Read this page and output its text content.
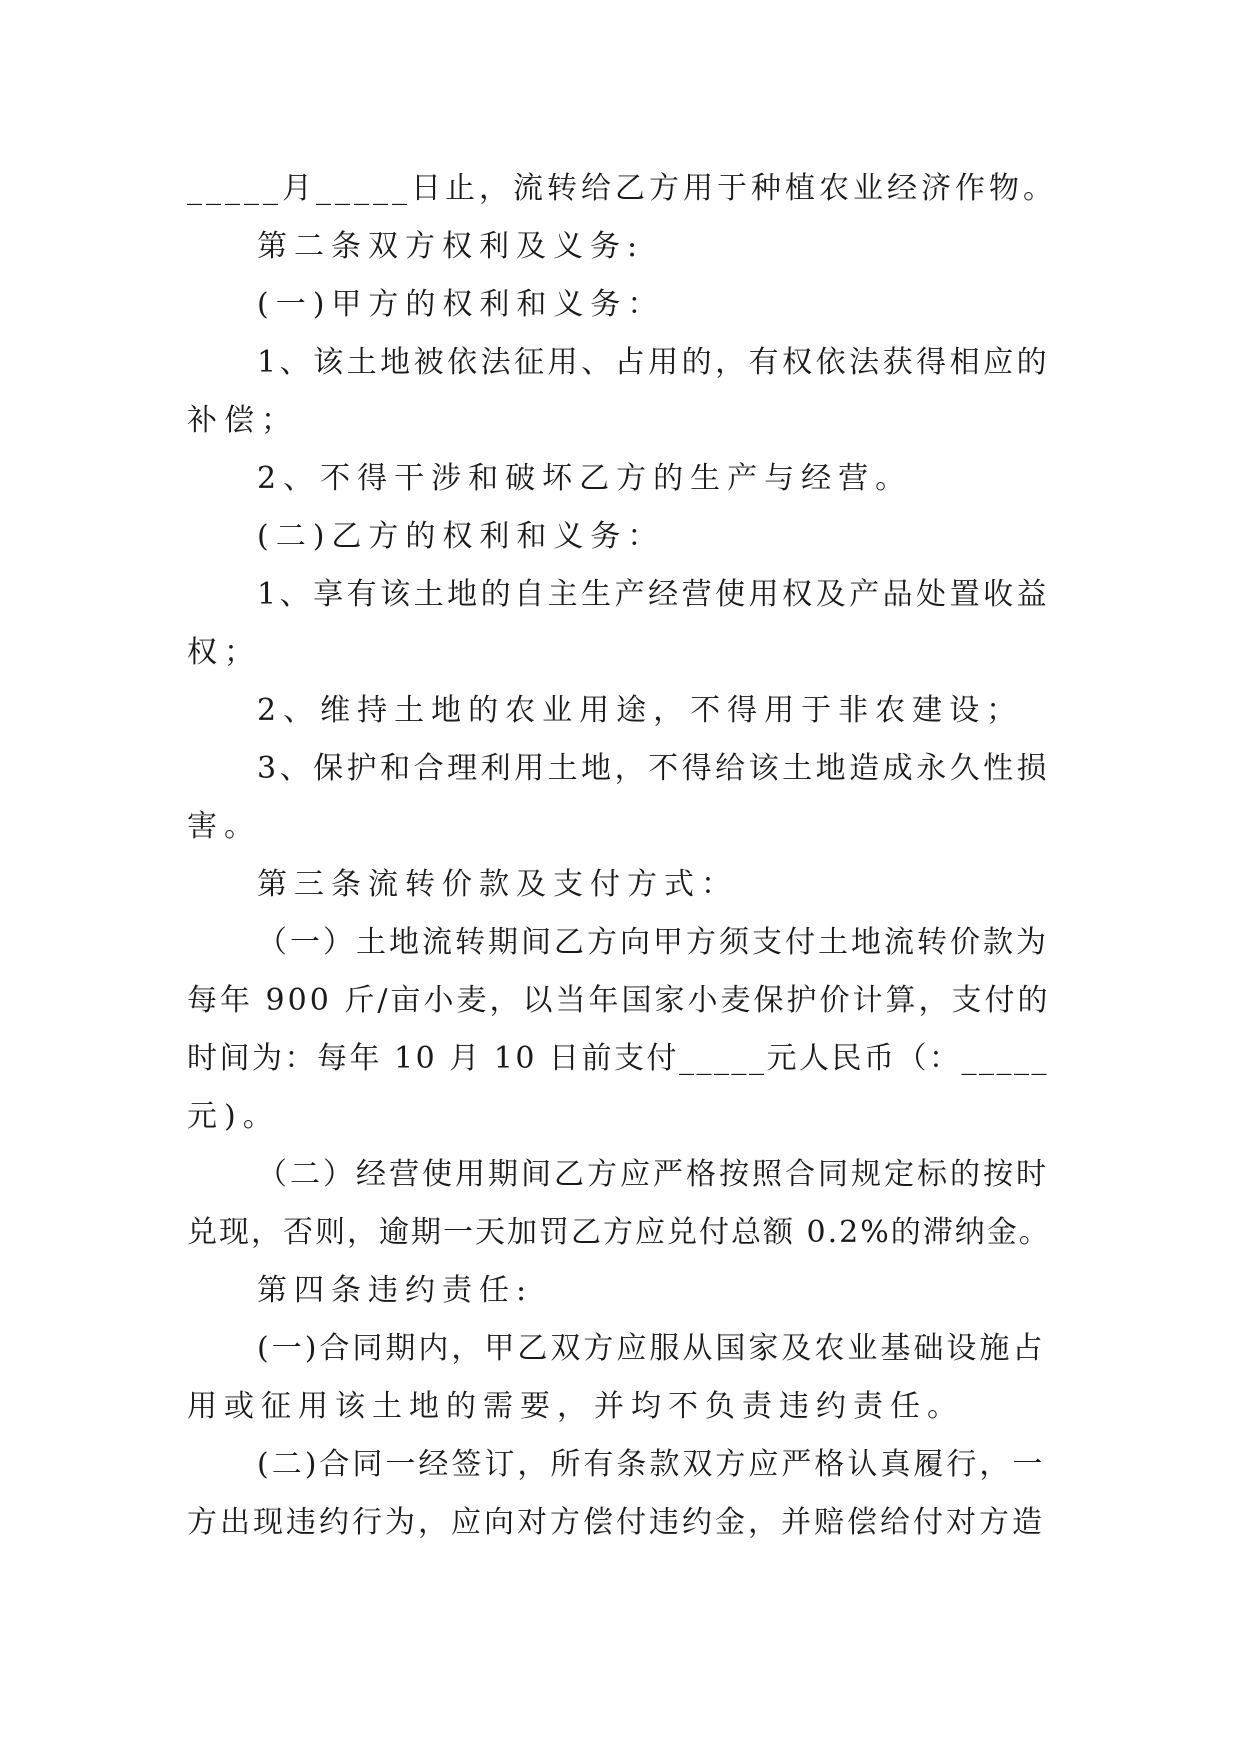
_____月_____日止，流转给乙方用于种植农业经济作物。

第二条双方权利及义务:

(一)甲方的权利和义务：

1、该土地被依法征用、占用的，有权依法获得相应的

补偿；

2、不得干涉和破坏乙方的生产与经营。

(二)乙方的权利和义务：

1、享有该土地的自主生产经营使用权及产品处置收益

权；

2、维持土地的农业用途，不得用于非农建设；

3、保护和合理利用土地，不得给该土地造成永久性损

害。

第三条流转价款及支付方式：

（一）土地流转期间乙方向甲方须支付土地流转价款为

每年 900 斤/亩小麦，以当年国家小麦保护价计算，支付的

时间为：每年 10 月 10 日前支付_____元人民币（：_____

元)。

（二）经营使用期间乙方应严格按照合同规定标的按时

兑现，否则，逾期一天加罚乙方应兑付总额 0.2%的滞纳金。

第四条违约责任:

(一)合同期内，甲乙双方应服从国家及农业基础设施占

用或征用该土地的需要，并均不负责违约责任。

(二)合同一经签订，所有条款双方应严格认真履行，一

方出现违约行为，应向对方偿付违约金，并赔偿给付对方造
